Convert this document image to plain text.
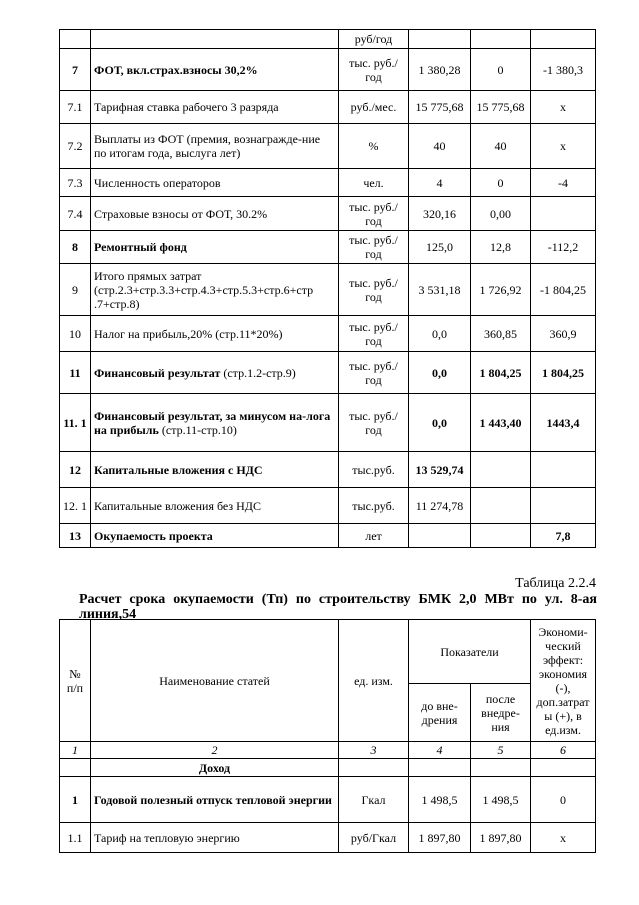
		руб/год			
7	ФОТ, вкл.страх.взносы 30,2%	тыс. руб./год	1 380,28	0	-1 380,3
7.1	Тарифная ставка рабочего 3 разряда	руб./мес.	15 775,68	15 775,68	х
7.2	Выплаты из ФОТ (премия, вознагражде-ние по итогам года, выслуга лет)	%	40	40	х
7.3	Численность операторов	чел.	4	0	-4
7.4	Страховые взносы от ФОТ, 30.2%	тыс. руб./год	320,16	0,00	
8	Ремонтный фонд	тыс. руб./год	125,0	12,8	-112,2
9	Итого прямых затрат (стр.2.3+стр.3.3+стр.4.3+стр.5.3+стр.6+стр .7+стр.8)	тыс. руб./год	3 531,18	1 726,92	-1 804,25
10	Налог на прибыль,20% (стр.11*20%)	тыс. руб./год	0,0	360,85	360,9
11	Финансовый результат (стр.1.2-стр.9)	тыс. руб./год	0,0	1 804,25	1 804,25
11. 1	Финансовый результат, за минусом на-лога на прибыль (стр.11-стр.10)	тыс. руб./год	0,0	1 443,40	1443,4
12	Капитальные вложения с НДС	тыс.руб.	13 529,74		
12. 1	Капитальные вложения без НДС	тыс.руб.	11 274,78		
13	Окупаемость проекта	лет			7,8
Таблица 2.2.4
Расчет срока окупаемости (Тп) по строительству БМК 2,0 МВт по ул. 8-ая линия,54
№ п/п	Наименование статей	ед. изм.	Показатели		Экономи-ческий эффект: экономия (-), доп.затрат ы (+), в ед.изм.
			до вне-дрения	после внедре-ния	
1	2	3	4	5	6
	Доход				
1	Годовой полезный отпуск тепловой энергии	Гкал	1 498,5	1 498,5	0
1.1	Тариф на тепловую энергию	руб/Гкал	1 897,80	1 897,80	х
